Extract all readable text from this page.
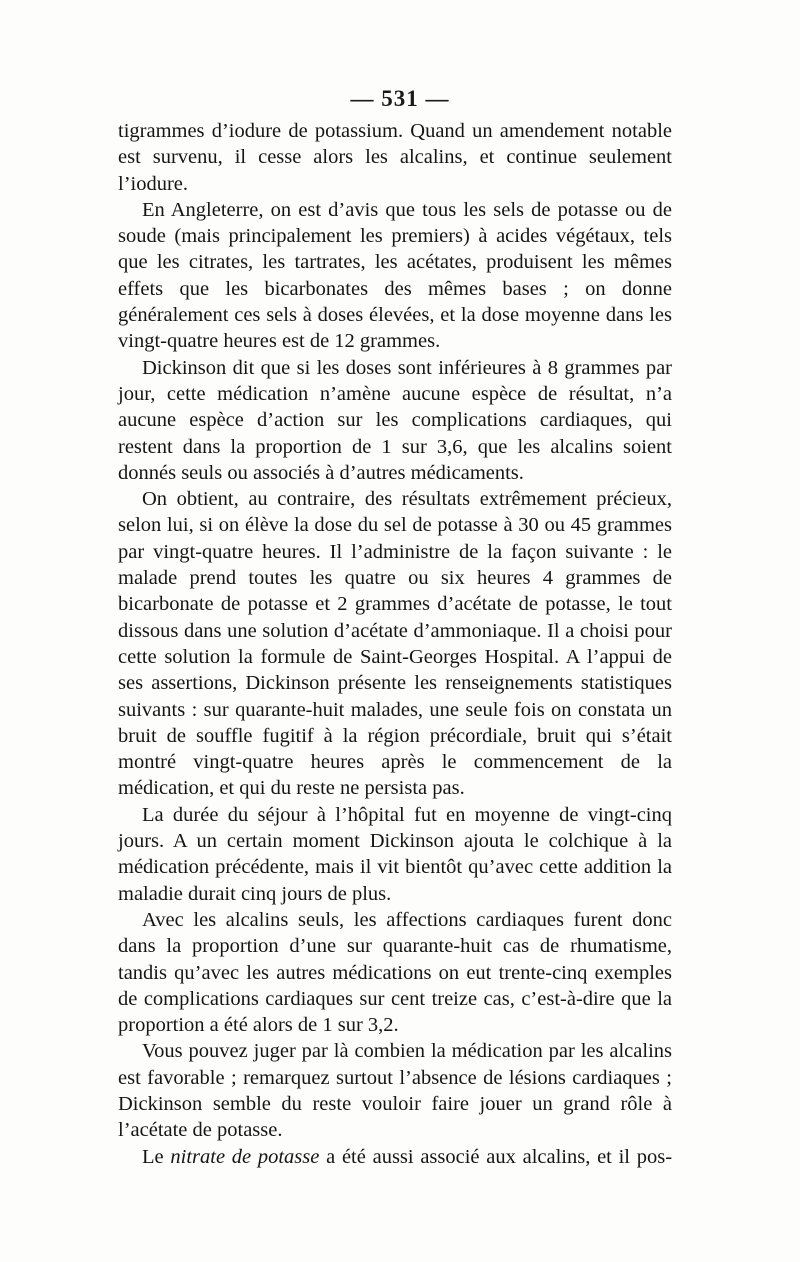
— 531 —

tigrammes d’iodure de potassium. Quand un amendement notable est survenu, il cesse alors les alcalins, et continue seulement l’iodure.

En Angleterre, on est d’avis que tous les sels de potasse ou de soude (mais principalement les premiers) à acides végétaux, tels que les citrates, les tartrates, les acétates, produisent les mêmes effets que les bicarbonates des mêmes bases ; on donne généralement ces sels à doses élevées, et la dose moyenne dans les vingt-quatre heures est de 12 grammes.

Dickinson dit que si les doses sont inférieures à 8 grammes par jour, cette médication n’amène aucune espèce de résultat, n’a aucune espèce d’action sur les complications cardiaques, qui restent dans la proportion de 1 sur 3,6, que les alcalins soient donnés seuls ou associés à d’autres médicaments.

On obtient, au contraire, des résultats extrêmement précieux, selon lui, si on élève la dose du sel de potasse à 30 ou 45 grammes par vingt-quatre heures. Il l’administre de la façon suivante : le malade prend toutes les quatre ou six heures 4 grammes de bicarbonate de potasse et 2 grammes d’acétate de potasse, le tout dissous dans une solution d’acétate d’ammoniaque. Il a choisi pour cette solution la formule de Saint-Georges Hospital. A l’appui de ses assertions, Dickinson présente les renseignements statistiques suivants : sur quarante-huit malades, une seule fois on constata un bruit de souffle fugitif à la région précordiale, bruit qui s’était montré vingt-quatre heures après le commencement de la médication, et qui du reste ne persista pas.

La durée du séjour à l’hôpital fut en moyenne de vingt-cinq jours. A un certain moment Dickinson ajouta le colchique à la médication précédente, mais il vit bientôt qu’avec cette addition la maladie durait cinq jours de plus.

Avec les alcalins seuls, les affections cardiaques furent donc dans la proportion d’une sur quarante-huit cas de rhumatisme, tandis qu’avec les autres médications on eut trente-cinq exemples de complications cardiaques sur cent treize cas, c’est-à-dire que la proportion a été alors de 1 sur 3,2.

Vous pouvez juger par là combien la médication par les alcalins est favorable ; remarquez surtout l’absence de lésions cardiaques ; Dickinson semble du reste vouloir faire jouer un grand rôle à l’acétate de potasse.

Le nitrate de potasse a été aussi associé aux alcalins, et il pos-
